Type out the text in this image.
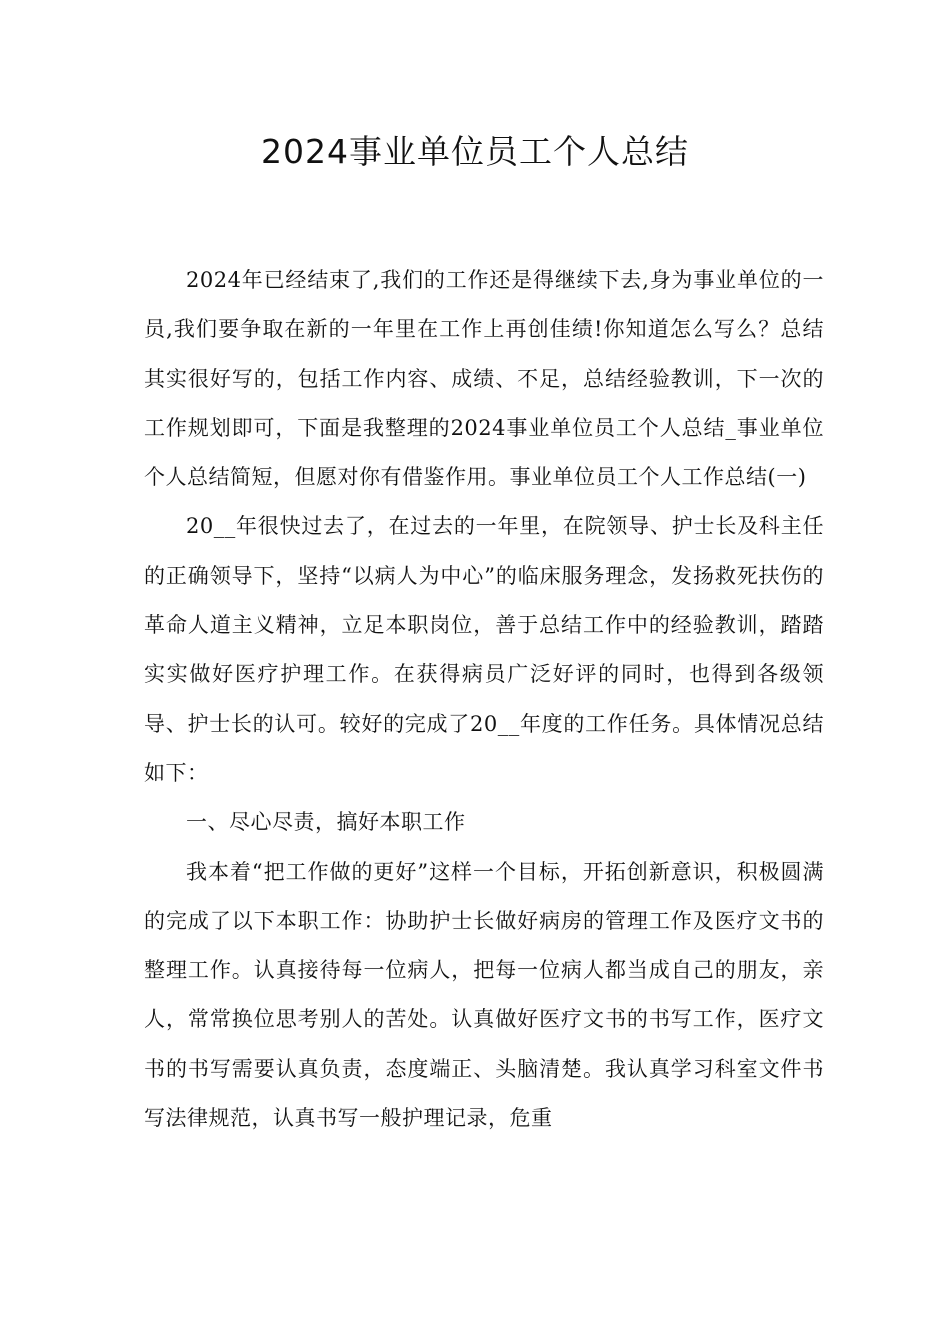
2024事业单位员工个人总结

2024年已经结束了,我们的工作还是得继续下去,身为事业单位的一员,我们要争取在新的一年里在工作上再创佳绩!你知道怎么写么？总结其实很好写的，包括工作内容、成绩、不足，总结经验教训，下一次的工作规划即可，下面是我整理的2024事业单位员工个人总结_事业单位个人总结简短，但愿对你有借鉴作用。事业单位员工个人工作总结(一)

20__年很快过去了，在过去的一年里，在院领导、护士长及科主任的正确领导下，坚持“以病人为中心”的临床服务理念，发扬救死扶伤的革命人道主义精神，立足本职岗位，善于总结工作中的经验教训，踏踏实实做好医疗护理工作。在获得病员广泛好评的同时，也得到各级领导、护士长的认可。较好的完成了20__年度的工作任务。具体情况总结如下：

一、尽心尽责，搞好本职工作

我本着“把工作做的更好”这样一个目标，开拓创新意识，积极圆满的完成了以下本职工作：协助护士长做好病房的管理工作及医疗文书的整理工作。认真接待每一位病人，把每一位病人都当成自己的朋友，亲人，常常换位思考别人的苦处。认真做好医疗文书的书写工作，医疗文书的书写需要认真负责，态度端正、头脑清楚。我认真学习科室文件书写法律规范，认真书写一般护理记录，危重
